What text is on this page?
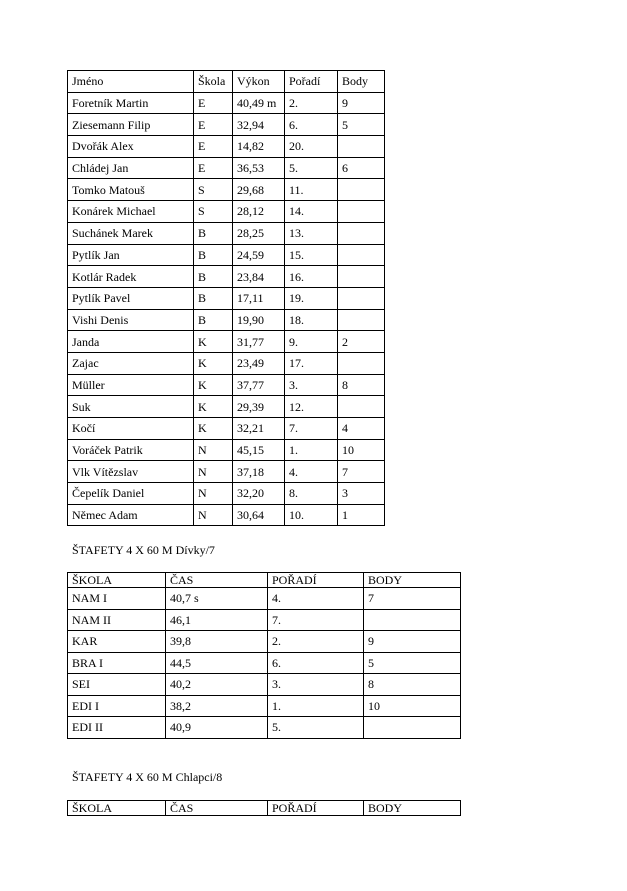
Jméno	Škola	Výkon	Pořadí	Body
Foretník Martin	E	40,49 m	2.	9
Ziesemann Filip	E	32,94	6.	5
Dvořák Alex	E	14,82	20.	
Chládej Jan	E	36,53	5.	6
Tomko Matouš	S	29,68	11.	
Konárek Michael	S	28,12	14.	
Suchánek Marek	B	28,25	13.	
Pytlík Jan	B	24,59	15.	
Kotlár Radek	B	23,84	16.	
Pytlík Pavel	B	17,11	19.	
Vishi Denis	B	19,90	18.	
Janda	K	31,77	9.	2
Zajac	K	23,49	17.	
Müller	K	37,77	3.	8
Suk	K	29,39	12.	
Kočí	K	32,21	7.	4
Voráček Patrik	N	45,15	1.	10
Vlk Vítězslav	N	37,18	4.	7
Čepelík Daniel	N	32,20	8.	3
Němec Adam	N	30,64	10.	1
ŠTAFETY 4 X 60 M Dívky/7
ŠKOLA	ČAS	POŘADÍ	BODY
NAM I	40,7 s	4.	7
NAM II	46,1	7.	
KAR	39,8	2.	9
BRA I	44,5	6.	5
SEI	40,2	3.	8
EDI I	38,2	1.	10
EDI II	40,9	5.	
ŠTAFETY 4 X 60 M Chlapci/8
ŠKOLA	ČAS	POŘADÍ	BODY
